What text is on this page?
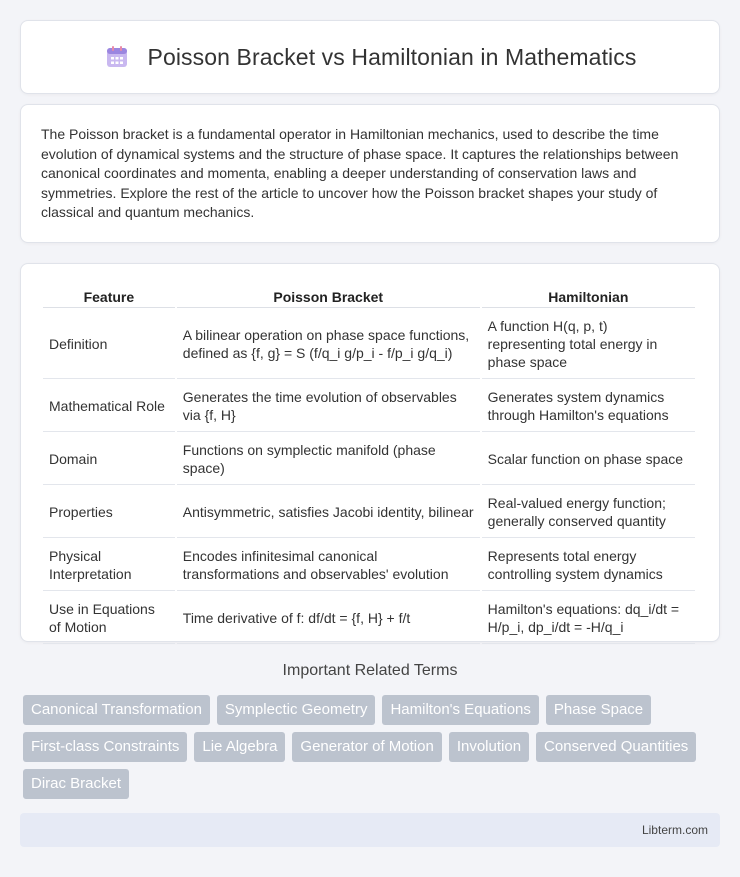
Poisson Bracket vs Hamiltonian in Mathematics

The Poisson bracket is a fundamental operator in Hamiltonian mechanics, used to describe the time evolution of dynamical systems and the structure of phase space. It captures the relationships between canonical coordinates and momenta, enabling a deeper understanding of conservation laws and symmetries. Explore the rest of the article to uncover how the Poisson bracket shapes your study of classical and quantum mechanics.

Feature	Poisson Bracket	Hamiltonian
Definition	A bilinear operation on phase space functions, defined as {f, g} = S (f/q_i g/p_i - f/p_i g/q_i)	A function H(q, p, t) representing total energy in phase space
Mathematical Role	Generates the time evolution of observables via {f, H}	Generates system dynamics through Hamilton's equations
Domain	Functions on symplectic manifold (phase space)	Scalar function on phase space
Properties	Antisymmetric, satisfies Jacobi identity, bilinear	Real-valued energy function; generally conserved quantity
Physical Interpretation	Encodes infinitesimal canonical transformations and observables' evolution	Represents total energy controlling system dynamics
Use in Equations of Motion	Time derivative of f: df/dt = {f, H} + f/t	Hamilton's equations: dq_i/dt = H/p_i, dp_i/dt = -H/q_i
Important Related Terms
Canonical Transformation	Symplectic Geometry	Hamilton's Equations	Phase Space
First-class Constraints	Lie Algebra	Generator of Motion	Involution	Conserved Quantities
Dirac Bracket
Libterm.com
